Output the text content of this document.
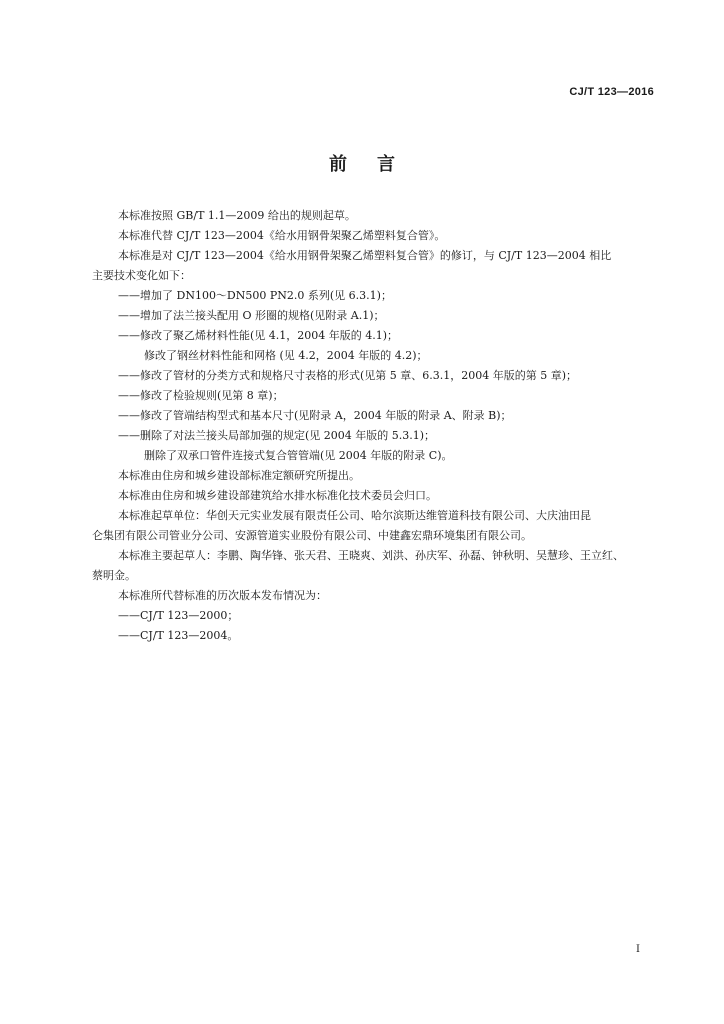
CJ/T 123—2016
前言

本标准按照 GB/T 1.1—2009 给出的规则起草。

本标准代替 CJ/T 123—2004《给水用钢骨架聚乙烯塑料复合管》。

本标准是对 CJ/T 123—2004《给水用钢骨架聚乙烯塑料复合管》的修订，与 CJ/T 123—2004 相比

主要技术变化如下：

——增加了 DN100～DN500 PN2.0 系列(见 6.3.1)；

——增加了法兰接头配用 O 形圈的规格(见附录 A.1)；

——修改了聚乙烯材料性能(见 4.1，2004 年版的 4.1)；

修改了钢丝材料性能和网格 (见 4.2，2004 年版的 4.2)；

——修改了管材的分类方式和规格尺寸表格的形式(见第 5 章、6.3.1，2004 年版的第 5 章)；

——修改了检验规则(见第 8 章)；

——修改了管端结构型式和基本尺寸(见附录 A，2004 年版的附录 A、附录 B)；

——删除了对法兰接头局部加强的规定(见 2004 年版的 5.3.1)；

删除了双承口管件连接式复合管管端(见 2004 年版的附录 C)。

本标准由住房和城乡建设部标准定额研究所提出。

本标准由住房和城乡建设部建筑给水排水标准化技术委员会归口。

本标准起草单位：华创天元实业发展有限责任公司、哈尔滨斯达维管道科技有限公司、大庆油田昆

仑集团有限公司管业分公司、安源管道实业股份有限公司、中建鑫宏鼎环境集团有限公司。

本标准主要起草人：李鹏、陶华锋、张天君、王晓爽、刘洪、孙庆军、孙磊、钟秋明、吴慧珍、王立红、

蔡明金。

本标准所代替标准的历次版本发布情况为：

——CJ/T 123—2000；

——CJ/T 123—2004。

I
